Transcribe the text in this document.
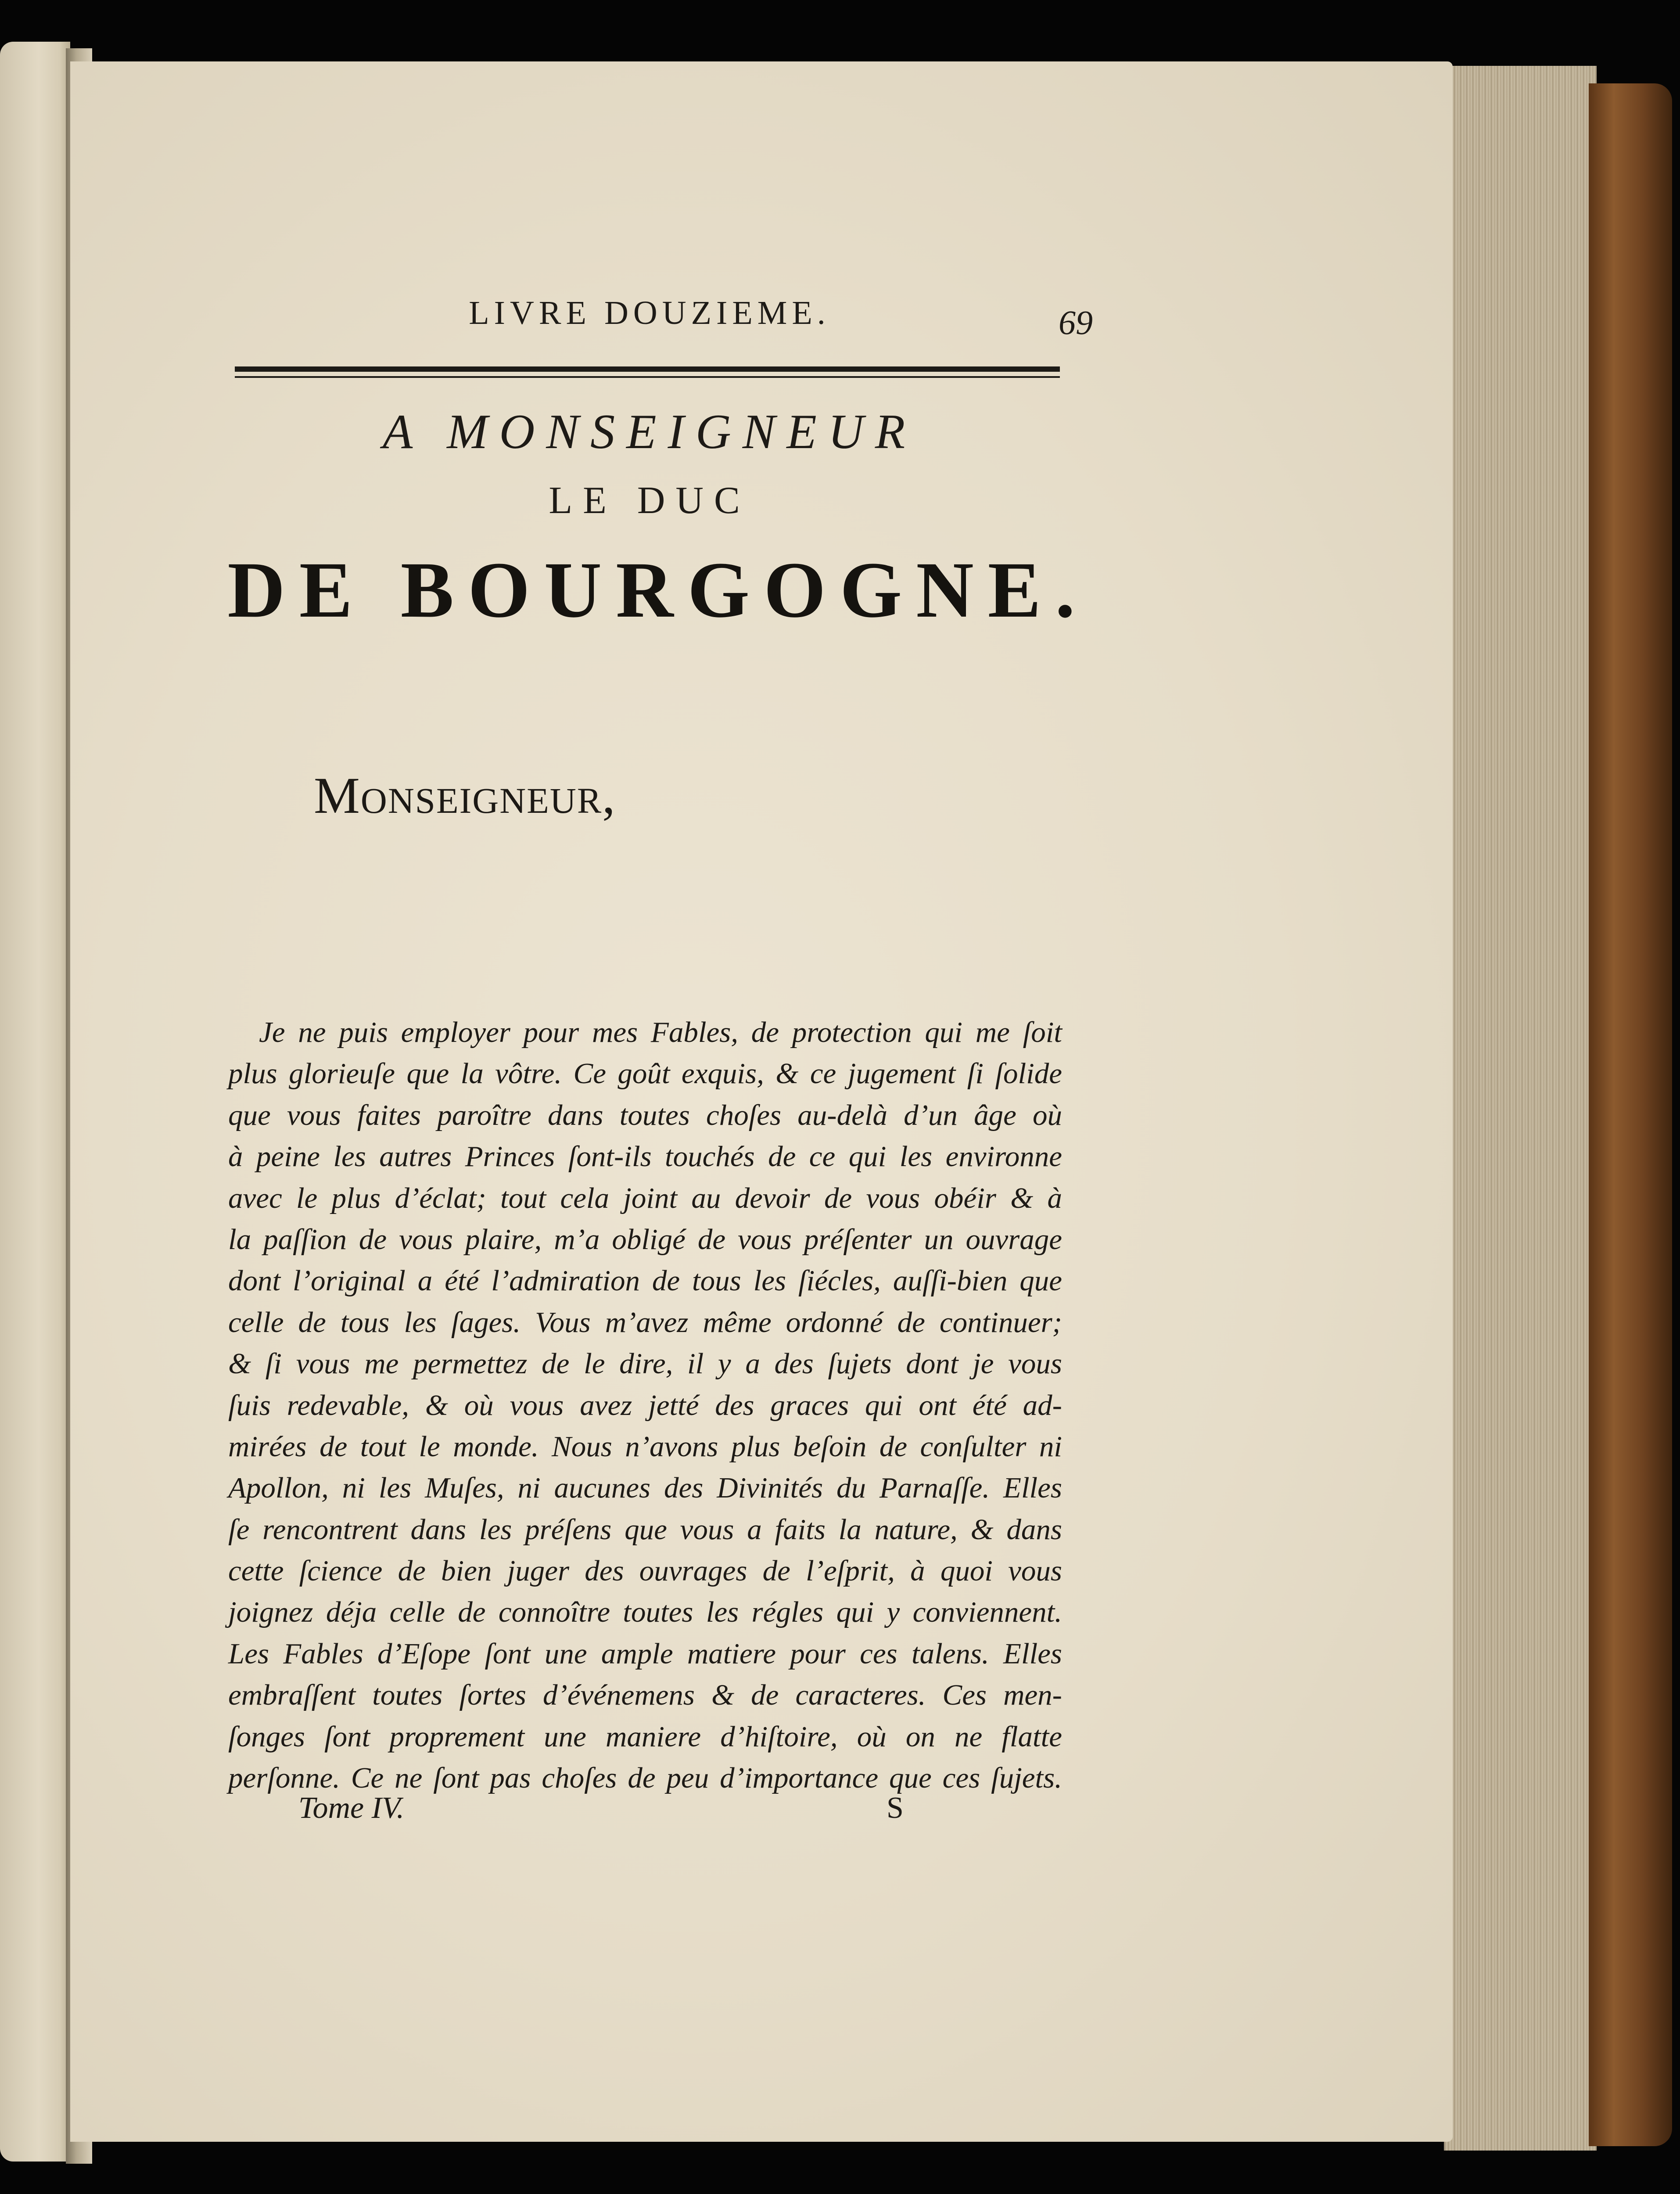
LIVRE DOUZIEME.	69
A MONSEIGNEUR
LE DUC
DE BOURGOGNE.
Monseigneur,
Je ne puis employer pour mes Fables, de protection qui me ſoit
plus glorieuſe que la vôtre. Ce goût exquis, & ce jugement ſi ſolide
que vous faites paroître dans toutes choſes au-delà d’un âge où
à peine les autres Princes ſont-ils touchés de ce qui les environne
avec le plus d’éclat; tout cela joint au devoir de vous obéir & à
la paſſion de vous plaire, m’a obligé de vous préſenter un ouvrage
dont l’original a été l’admiration de tous les ſiécles, auſſi-bien que
celle de tous les ſages. Vous m’avez même ordonné de continuer;
& ſi vous me permettez de le dire, il y a des ſujets dont je vous
ſuis redevable, & où vous avez jetté des graces qui ont été ad-
mirées de tout le monde. Nous n’avons plus beſoin de conſulter ni
Apollon, ni les Muſes, ni aucunes des Divinités du Parnaſſe. Elles
ſe rencontrent dans les préſens que vous a faits la nature, & dans
cette ſcience de bien juger des ouvrages de l’eſprit, à quoi vous
joignez déja celle de connoître toutes les régles qui y conviennent.
Les Fables d’Eſope ſont une ample matiere pour ces talens. Elles
embraſſent toutes ſortes d’événemens & de caracteres. Ces men-
ſonges ſont proprement une maniere d’hiſtoire, où on ne flatte
perſonne. Ce ne ſont pas choſes de peu d’importance que ces ſujets.
Tome IV.	S
